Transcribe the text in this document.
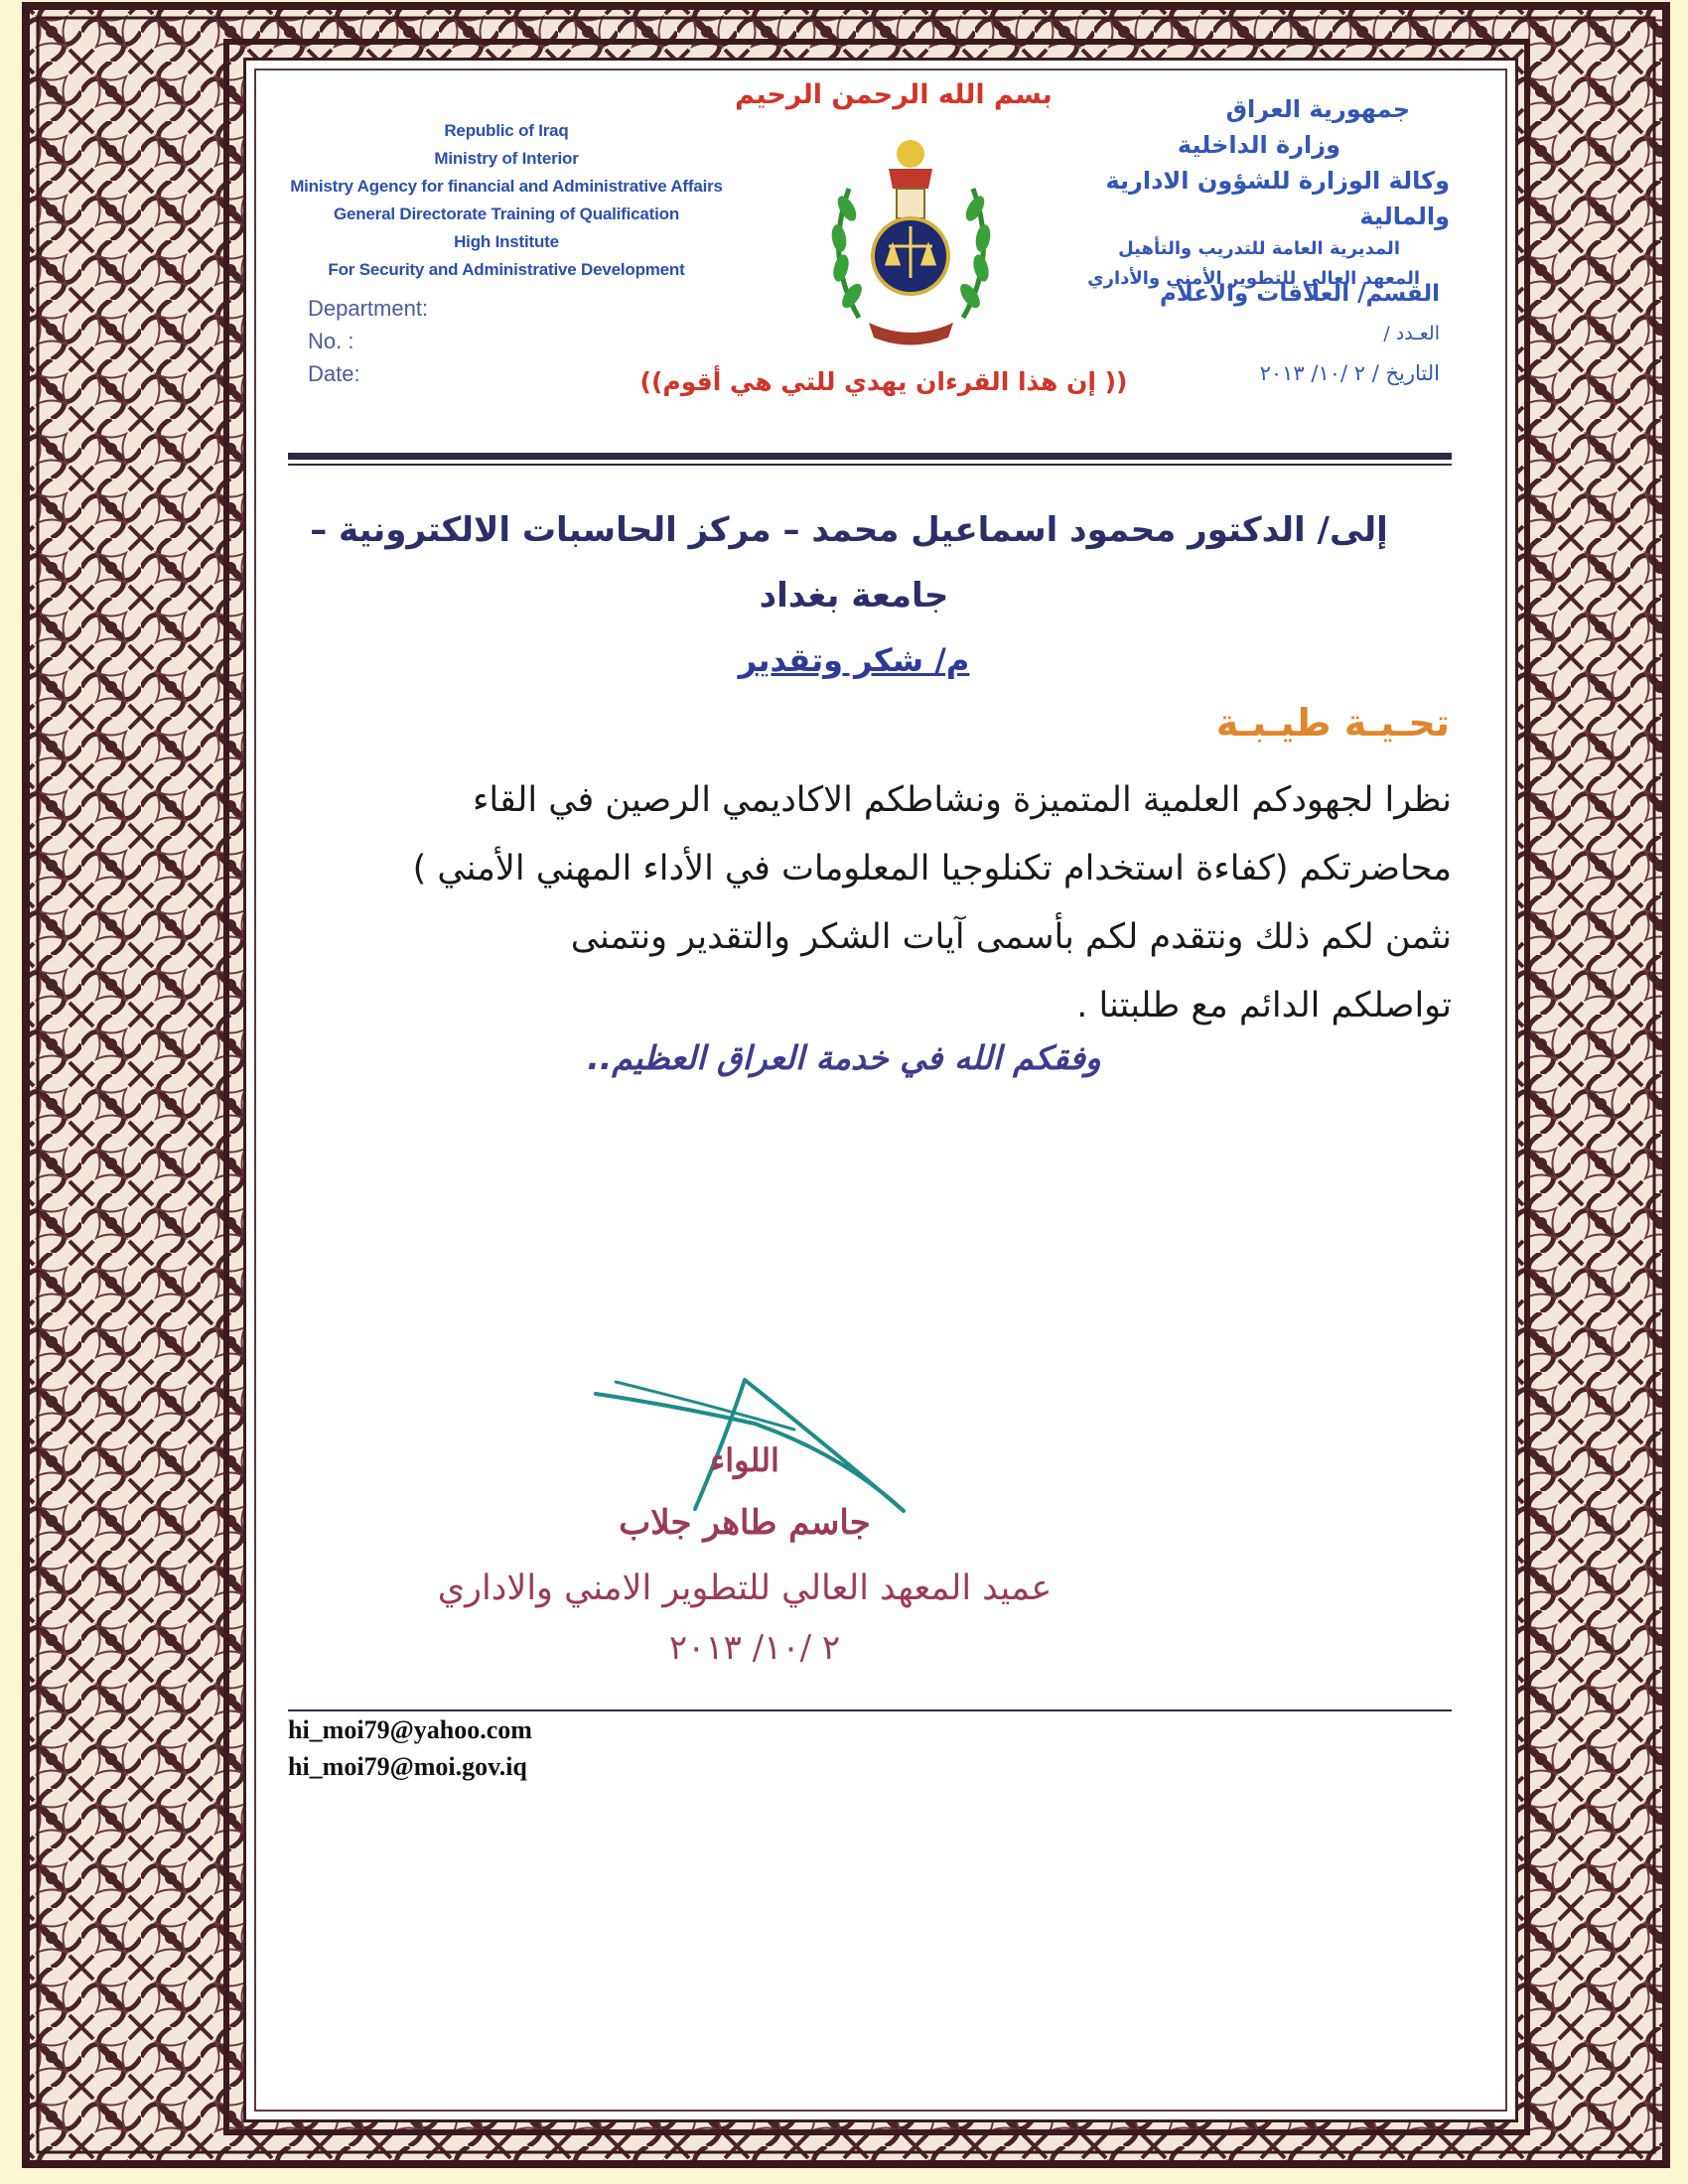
بسم الله الرحمن الرحيم
Republic of Iraq
Ministry of Interior
Ministry Agency for financial and Administrative Affairs
General Directorate Training of Qualification
High Institute
For Security and Administrative Development
جمهورية العراق
وزارة الداخلية
وكالة الوزارة للشؤون الادارية والمالية
المديرية العامة للتدريب والتأهيل
المعهد العالي للتطوير الأمني والأداري
Department:
No. :
Date:
القسم/ العلاقات والاعلام
العـدد /
التاريخ / ٢ /١٠/ ٢٠١٣
(( إن هذا القرءان يهدي للتي هي أقوم))
إلى/ الدكتور محمود اسماعيل محمد – مركز الحاسبات الالكترونية –
جامعة بغداد
م/ شكر وتقدير
تحـيـة طيـبـة
نظرا لجهودكم العلمية المتميزة ونشاطكم الاكاديمي الرصين في القاء
محاضرتكم (كفاءة استخدام تكنلوجيا المعلومات في الأداء المهني الأمني )
نثمن لكم ذلك ونتقدم لكم بأسمى آيات الشكر والتقدير ونتمنى
تواصلكم الدائم مع طلبتنا .
وفقكم الله في خدمة العراق العظيم..
اللواء
جاسم طاهر جلاب
عميد المعهد العالي للتطوير الامني والاداري
٢ /١٠/ ٢٠١٣
hi_moi79@yahoo.com
hi_moi79@moi.gov.iq
